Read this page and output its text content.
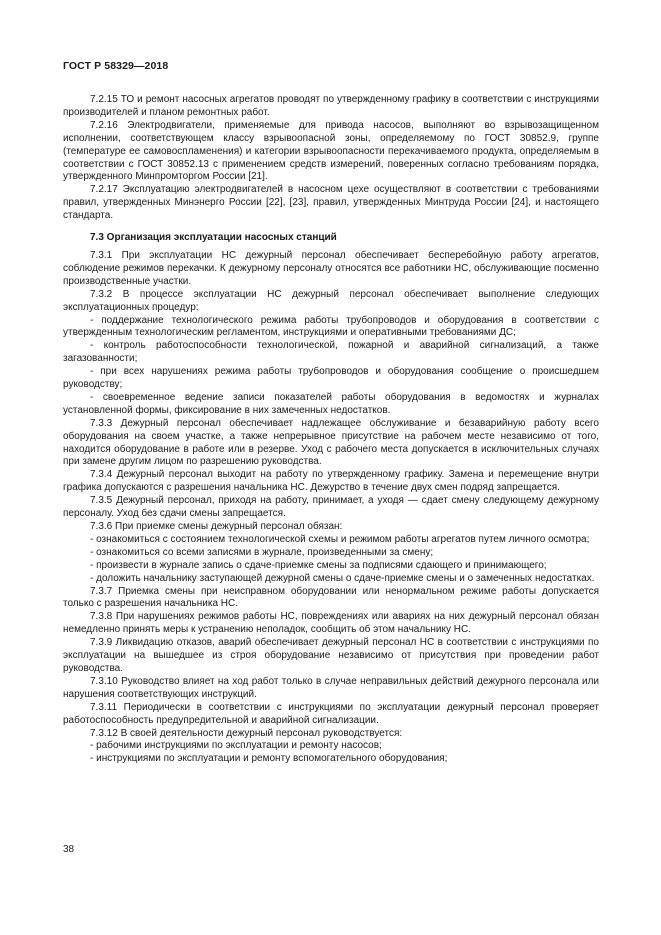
ГОСТ Р 58329—2018

7.2.15 ТО и ремонт насосных агрегатов проводят по утвержденному графику в соответствии с инструкциями производителей и планом ремонтных работ.

7.2.16 Электродвигатели, применяемые для привода насосов, выполняют во взрывозащищенном исполнении, соответствующем классу взрывоопасной зоны, определяемому по ГОСТ 30852.9, группе (температуре ее самовоспламенения) и категории взрывоопасности перекачиваемого продукта, определяемым в соответствии с ГОСТ 30852.13 с применением средств измерений, поверенных согласно требованиям порядка, утвержденного Минпромторгом России [21].

7.2.17 Эксплуатацию электродвигателей в насосном цехе осуществляют в соответствии с требованиями правил, утвержденных Минэнерго России [22], [23], правил, утвержденных Минтруда России [24], и настоящего стандарта.

7.3 Организация эксплуатации насосных станций

7.3.1 При эксплуатации НС дежурный персонал обеспечивает бесперебойную работу агрегатов, соблюдение режимов перекачки. К дежурному персоналу относятся все работники НС, обслуживающие посменно производственные участки.

7.3.2 В процессе эксплуатации НС дежурный персонал обеспечивает выполнение следующих эксплуатационных процедур:

- поддержание технологического режима работы трубопроводов и оборудования в соответствии с утвержденным технологическим регламентом, инструкциями и оперативными требованиями ДС;

- контроль работоспособности технологической, пожарной и аварийной сигнализаций, а также загазованности;

- при всех нарушениях режима работы трубопроводов и оборудования сообщение о происшедшем руководству;

- своевременное ведение записи показателей работы оборудования в ведомостях и журналах установленной формы, фиксирование в них замеченных недостатков.

7.3.3 Дежурный персонал обеспечивает надлежащее обслуживание и безаварийную работу всего оборудования на своем участке, а также непрерывное присутствие на рабочем месте независимо от того, находится оборудование в работе или в резерве. Уход с рабочего места допускается в исключительных случаях при замене другим лицом по разрешению руководства.

7.3.4 Дежурный персонал выходит на работу по утвержденному графику. Замена и перемещение внутри графика допускаются с разрешения начальника НС. Дежурство в течение двух смен подряд запрещается.

7.3.5 Дежурный персонал, приходя на работу, принимает, а уходя — сдает смену следующему дежурному персоналу. Уход без сдачи смены запрещается.

7.3.6 При приемке смены дежурный персонал обязан:

- ознакомиться с состоянием технологической схемы и режимом работы агрегатов путем личного осмотра;

- ознакомиться со всеми записями в журнале, произведенными за смену;

- произвести в журнале запись о сдаче-приемке смены за подписями сдающего и принимающего;

- доложить начальнику заступающей дежурной смены о сдаче-приемке смены и о замеченных недостатках.

7.3.7 Приемка смены при неисправном оборудовании или ненормальном режиме работы допускается только с разрешения начальника НС.

7.3.8 При нарушениях режимов работы НС, повреждениях или авариях на них дежурный персонал обязан немедленно принять меры к устранению неполадок, сообщить об этом начальнику НС.

7.3.9 Ликвидацию отказов, аварий обеспечивает дежурный персонал НС в соответствии с инструкциями по эксплуатации на вышедшее из строя оборудование независимо от присутствия при проведении работ руководства.

7.3.10 Руководство влияет на ход работ только в случае неправильных действий дежурного персонала или нарушения соответствующих инструкций.

7.3.11 Периодически в соответствии с инструкциями по эксплуатации дежурный персонал проверяет работоспособность предупредительной и аварийной сигнализации.

7.3.12 В своей деятельности дежурный персонал руководствуется:

- рабочими инструкциями по эксплуатации и ремонту насосов;

- инструкциями по эксплуатации и ремонту вспомогательного оборудования;

38
